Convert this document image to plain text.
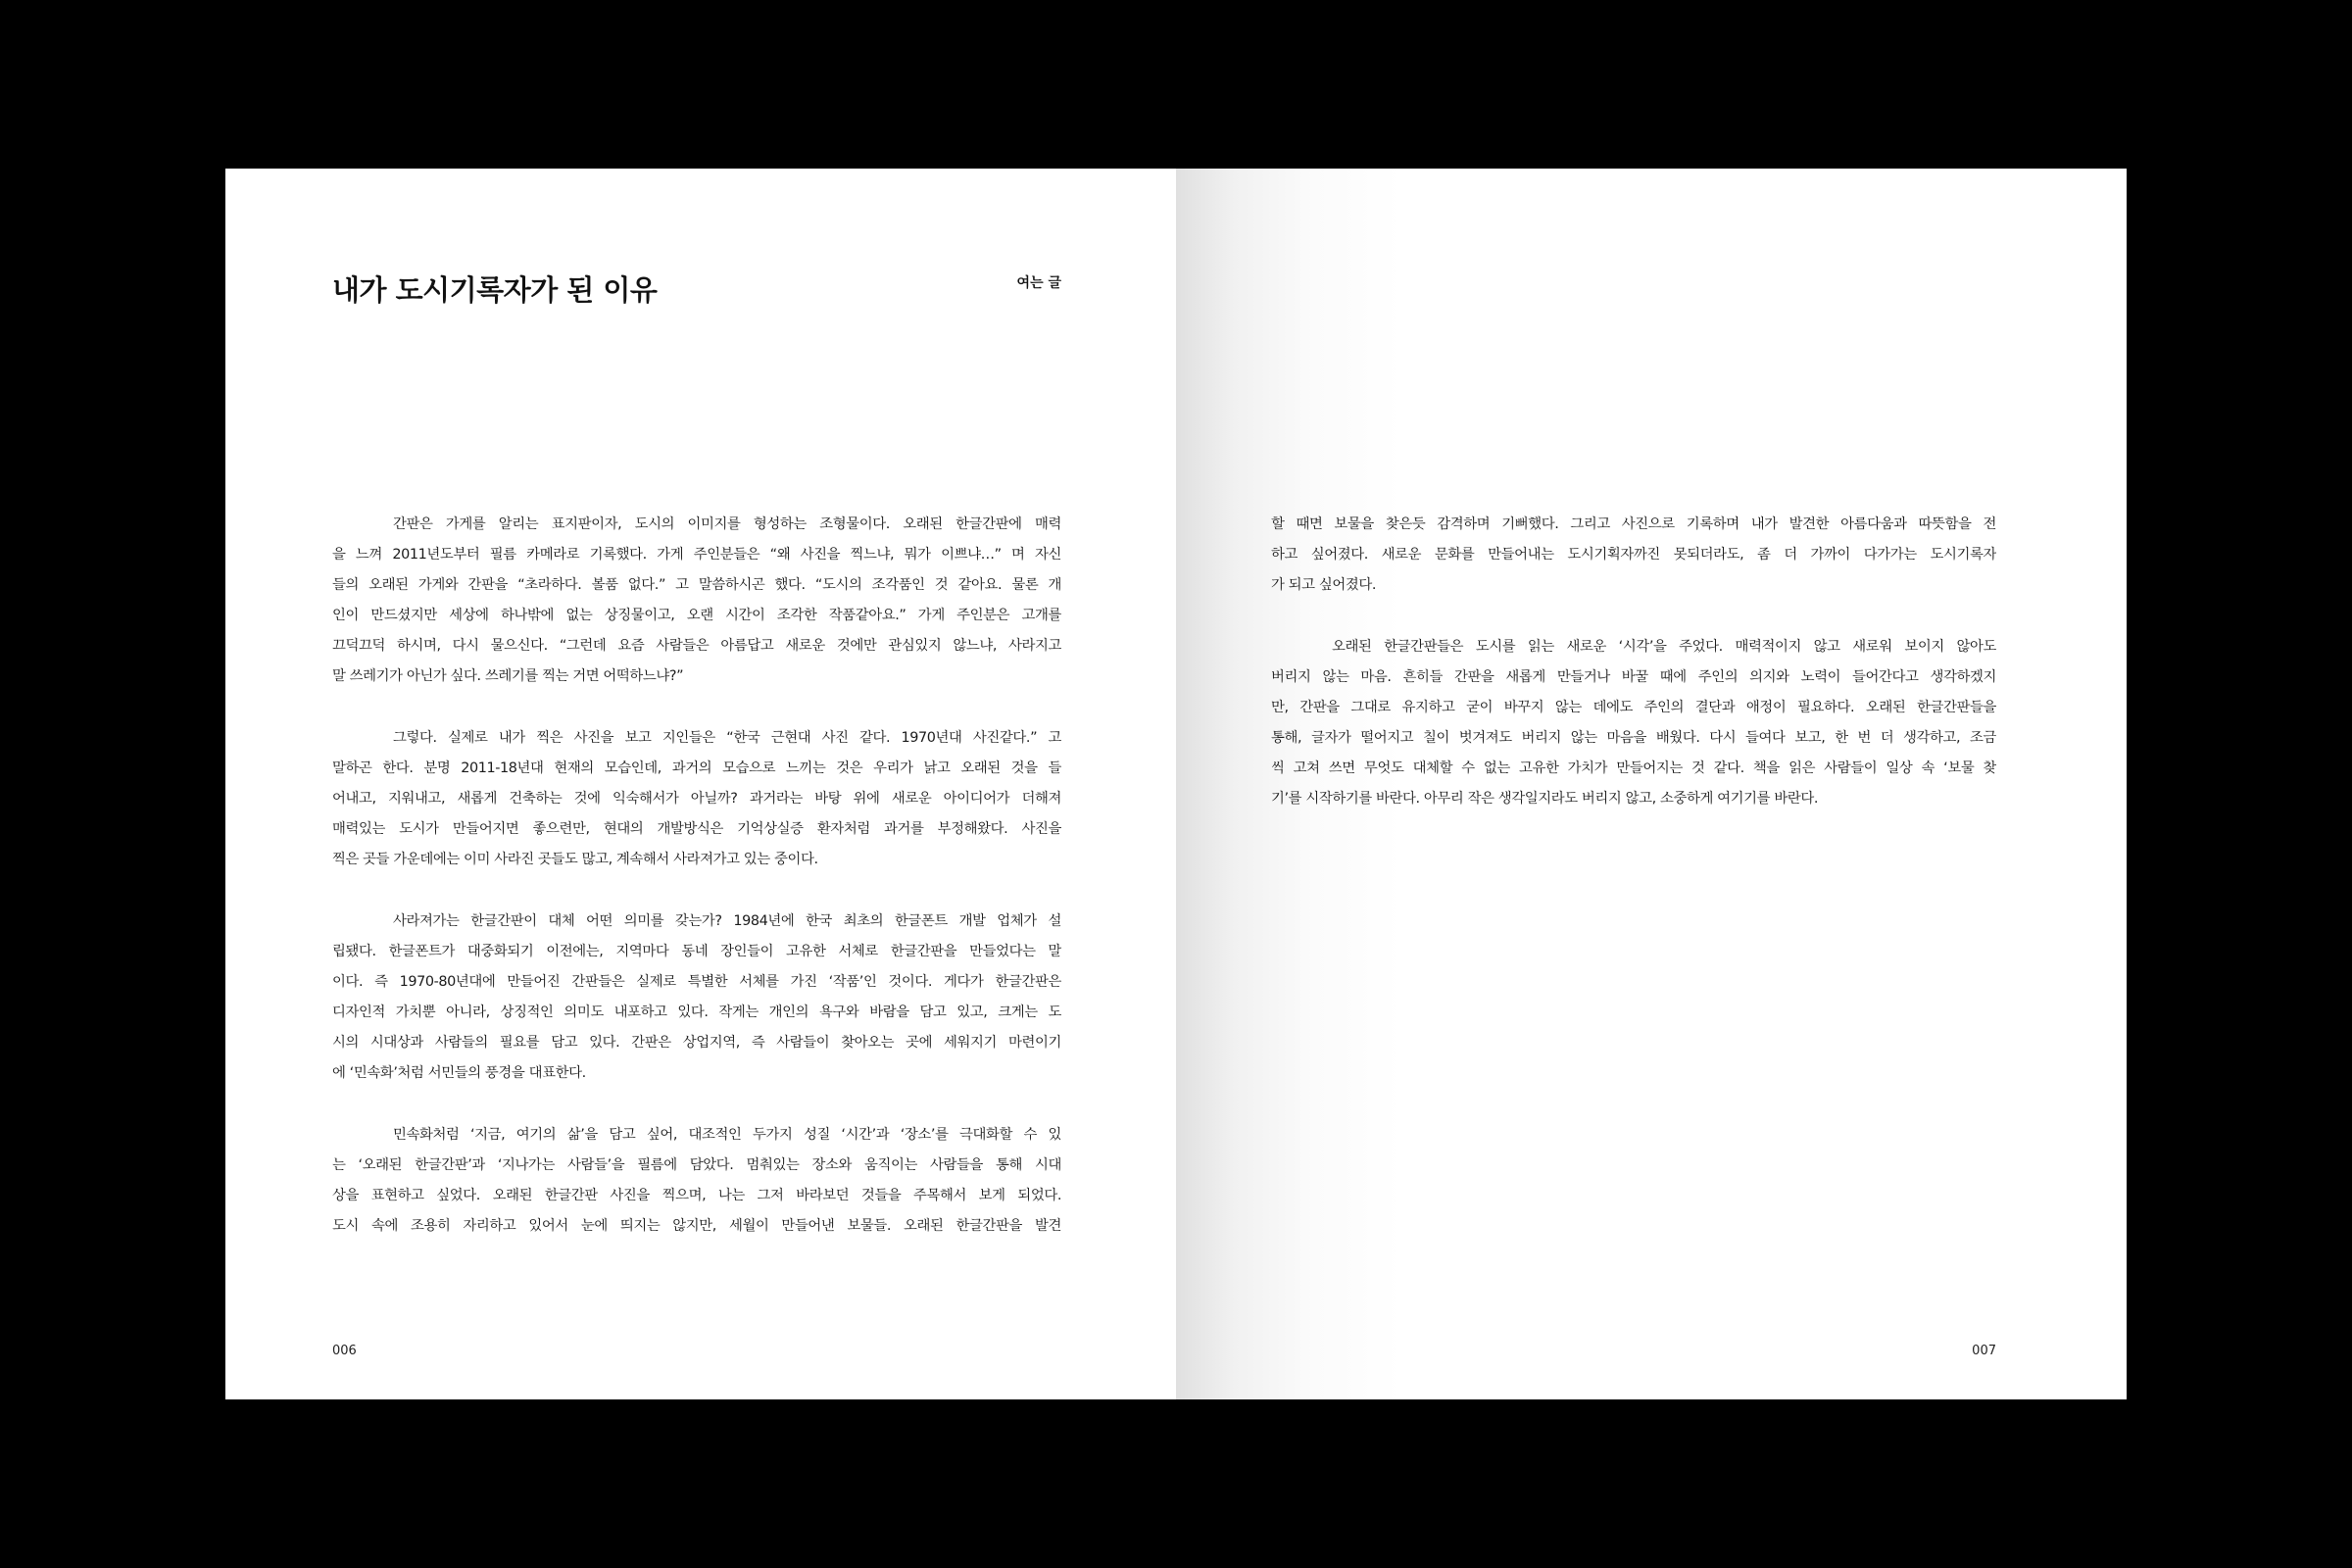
내가 도시기록자가 된 이유	여는 글
간판은 가게를 알리는 표지판이자, 도시의 이미지를 형성하는 조형물이다. 오래된 한글간판에 매력
을 느껴 2011년도부터 필름 카메라로 기록했다. 가게 주인분들은 “왜 사진을 찍느냐, 뭐가 이쁘냐…” 며 자신
들의 오래된 가게와 간판을 “초라하다. 볼품 없다.” 고 말씀하시곤 했다. “도시의 조각품인 것 같아요. 물론 개
인이 만드셨지만 세상에 하나밖에 없는 상징물이고, 오랜 시간이 조각한 작품같아요.” 가게 주인분은 고개를
끄덕끄덕 하시며, 다시 물으신다. “그런데 요즘 사람들은 아름답고 새로운 것에만 관심있지 않느냐, 사라지고
말 쓰레기가 아닌가 싶다. 쓰레기를 찍는 거면 어떡하느냐?”
그렇다. 실제로 내가 찍은 사진을 보고 지인들은 “한국 근현대 사진 같다. 1970년대 사진같다.” 고
말하곤 한다. 분명 2011-18년대 현재의 모습인데, 과거의 모습으로 느끼는 것은 우리가 낡고 오래된 것을 들
어내고, 지워내고, 새롭게 건축하는 것에 익숙해서가 아닐까? 과거라는 바탕 위에 새로운 아이디어가 더해져
매력있는 도시가 만들어지면 좋으련만, 현대의 개발방식은 기억상실증 환자처럼 과거를 부정해왔다. 사진을
찍은 곳들 가운데에는 이미 사라진 곳들도 많고, 계속해서 사라져가고 있는 중이다.
사라져가는 한글간판이 대체 어떤 의미를 갖는가? 1984년에 한국 최초의 한글폰트 개발 업체가 설
립됐다. 한글폰트가 대중화되기 이전에는, 지역마다 동네 장인들이 고유한 서체로 한글간판을 만들었다는 말
이다. 즉 1970-80년대에 만들어진 간판들은 실제로 특별한 서체를 가진 ‘작품’인 것이다. 게다가 한글간판은
디자인적 가치뿐 아니라, 상징적인 의미도 내포하고 있다. 작게는 개인의 욕구와 바람을 담고 있고, 크게는 도
시의 시대상과 사람들의 필요를 담고 있다. 간판은 상업지역, 즉 사람들이 찾아오는 곳에 세워지기 마련이기
에 ‘민속화’처럼 서민들의 풍경을 대표한다.
민속화처럼 ‘지금, 여기의 삶’을 담고 싶어, 대조적인 두가지 성질 ‘시간’과 ‘장소’를 극대화할 수 있
는 ‘오래된 한글간판’과 ‘지나가는 사람들’을 필름에 담았다. 멈춰있는 장소와 움직이는 사람들을 통해 시대
상을 표현하고 싶었다. 오래된 한글간판 사진을 찍으며, 나는 그저 바라보던 것들을 주목해서 보게 되었다.
도시 속에 조용히 자리하고 있어서 눈에 띄지는 않지만, 세월이 만들어낸 보물들. 오래된 한글간판을 발견
006
할 때면 보물을 찾은듯 감격하며 기뻐했다. 그리고 사진으로 기록하며 내가 발견한 아름다움과 따뜻함을 전
하고 싶어졌다. 새로운 문화를 만들어내는 도시기획자까진 못되더라도, 좀 더 가까이 다가가는 도시기록자
가 되고 싶어졌다.
오래된 한글간판들은 도시를 읽는 새로운 ‘시각’을 주었다. 매력적이지 않고 새로워 보이지 않아도
버리지 않는 마음. 흔히들 간판을 새롭게 만들거나 바꿀 때에 주인의 의지와 노력이 들어간다고 생각하겠지
만, 간판을 그대로 유지하고 굳이 바꾸지 않는 데에도 주인의 결단과 애정이 필요하다. 오래된 한글간판들을
통해, 글자가 떨어지고 칠이 벗겨져도 버리지 않는 마음을 배웠다. 다시 들여다 보고, 한 번 더 생각하고, 조금
씩 고쳐 쓰면 무엇도 대체할 수 없는 고유한 가치가 만들어지는 것 같다. 책을 읽은 사람들이 일상 속 ‘보물 찾
기’를 시작하기를 바란다. 아무리 작은 생각일지라도 버리지 않고, 소중하게 여기기를 바란다.
007
